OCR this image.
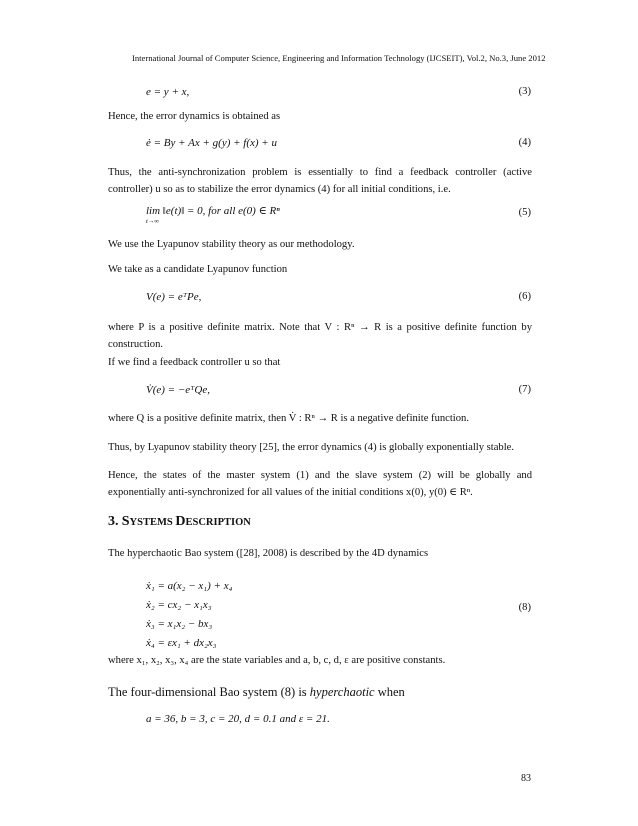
International Journal of Computer Science, Engineering and Information Technology (IJCSEIT), Vol.2, No.3, June 2012
e = y + x,	(3)
Hence, the error dynamics is obtained as
ė = By + Ax + g(y) + f(x) + u	(4)
Thus, the anti-synchronization problem is essentially to find a feedback controller (active controller) u so as to stabilize the error dynamics (4) for all initial conditions, i.e.
lim ‖e(t)‖ = 0, for all e(0) ∈ Rⁿ
t→∞
(5)
We use the Lyapunov stability theory as our methodology.
We take as a candidate Lyapunov function
V(e) = eᵀPe,	(6)
where P is a positive definite matrix. Note that V : Rⁿ → R is a positive definite function by construction.
If we find a feedback controller u so that
V̇(e) = −eᵀQe,	(7)
where Q is a positive definite matrix, then V̇ : Rⁿ → R is a negative definite function.
Thus, by Lyapunov stability theory [25], the error dynamics (4) is globally exponentially stable.
Hence, the states of the master system (1) and the slave system (2) will be globally and exponentially anti-synchronized for all values of the initial conditions x(0), y(0) ∈ Rⁿ.
3. SYSTEMS DESCRIPTION
The hyperchaotic Bao system ([28], 2008) is described by the 4D dynamics
ẋ₁ = a(x₂ − x₁) + x₄
ẋ₂ = cx₂ − x₁x₃
ẋ₃ = x₁x₂ − bx₃
ẋ₄ = εx₁ + dx₂x₃
(8)
where x₁, x₂, x₃, x₄ are the state variables and a, b, c, d, ε are positive constants.
The four-dimensional Bao system (8) is hyperchaotic when
a = 36, b = 3, c = 20, d = 0.1 and ε = 21.
83
